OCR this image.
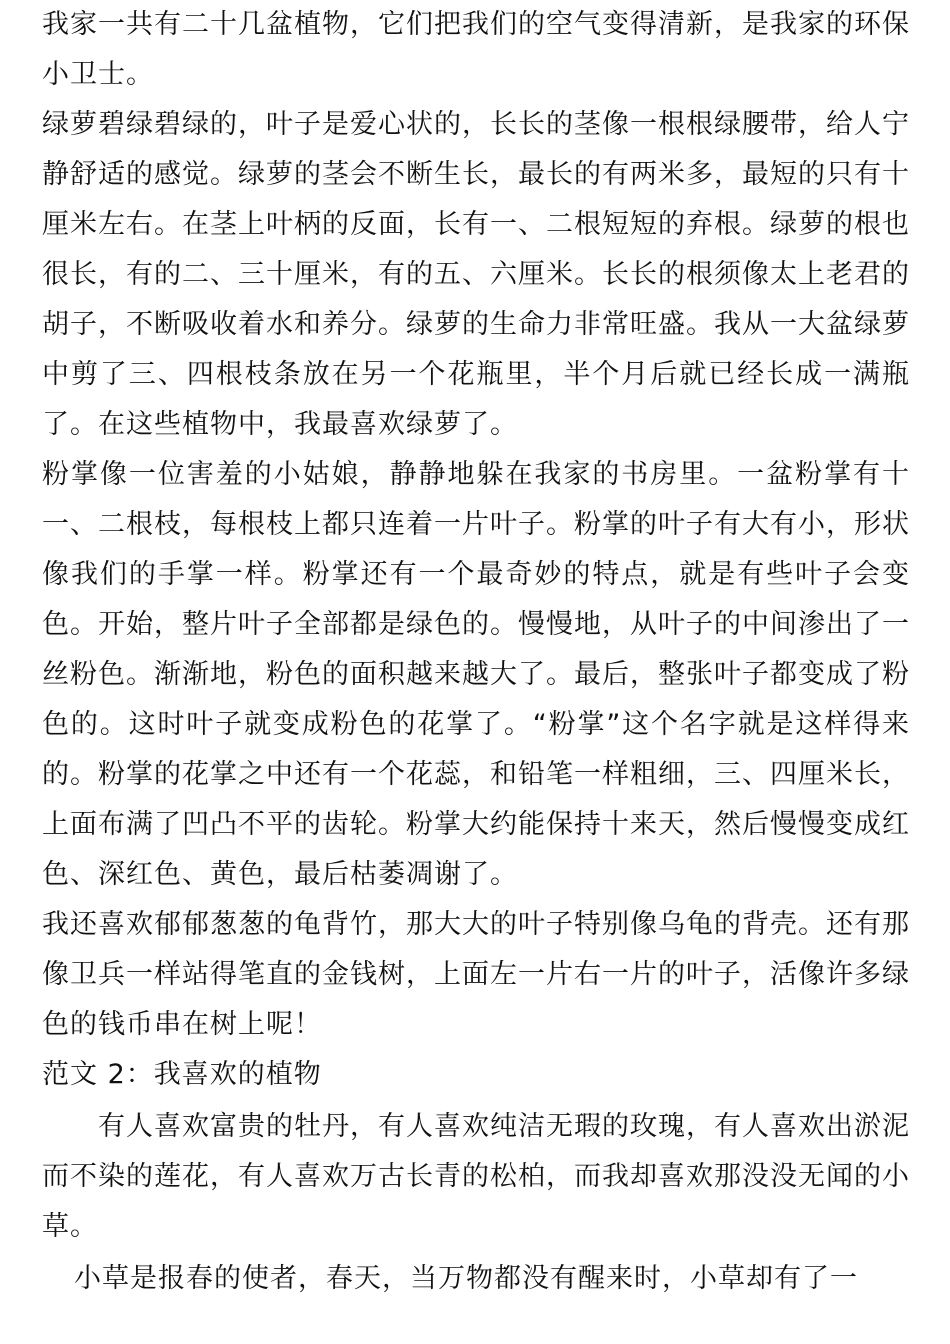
我家一共有二十几盆植物，它们把我们的空气变得清新，是我家的环保小卫士。

绿萝碧绿碧绿的，叶子是爱心状的，长长的茎像一根根绿腰带，给人宁静舒适的感觉。绿萝的茎会不断生长，最长的有两米多，最短的只有十厘米左右。在茎上叶柄的反面，长有一、二根短短的弃根。绿萝的根也很长，有的二、三十厘米，有的五、六厘米。长长的根须像太上老君的胡子，不断吸收着水和养分。绿萝的生命力非常旺盛。我从一大盆绿萝中剪了三、四根枝条放在另一个花瓶里，半个月后就已经长成一满瓶了。在这些植物中，我最喜欢绿萝了。

粉掌像一位害羞的小姑娘，静静地躲在我家的书房里。一盆粉掌有十一、二根枝，每根枝上都只连着一片叶子。粉掌的叶子有大有小，形状像我们的手掌一样。粉掌还有一个最奇妙的特点，就是有些叶子会变色。开始，整片叶子全部都是绿色的。慢慢地，从叶子的中间渗出了一丝粉色。渐渐地，粉色的面积越来越大了。最后，整张叶子都变成了粉色的。这时叶子就变成粉色的花掌了。“粉掌”这个名字就是这样得来的。粉掌的花掌之中还有一个花蕊，和铅笔一样粗细，三、四厘米长，上面布满了凹凸不平的齿轮。粉掌大约能保持十来天，然后慢慢变成红色、深红色、黄色，最后枯萎凋谢了。

我还喜欢郁郁葱葱的龟背竹，那大大的叶子特别像乌龟的背壳。还有那像卫兵一样站得笔直的金钱树，上面左一片右一片的叶子，活像许多绿色的钱币串在树上呢！

范文 2：我喜欢的植物

有人喜欢富贵的牡丹，有人喜欢纯洁无瑕的玫瑰，有人喜欢出淤泥而不染的莲花，有人喜欢万古长青的松柏，而我却喜欢那没没无闻的小草。

小草是报春的使者，春天，当万物都没有醒来时，小草却有了一
